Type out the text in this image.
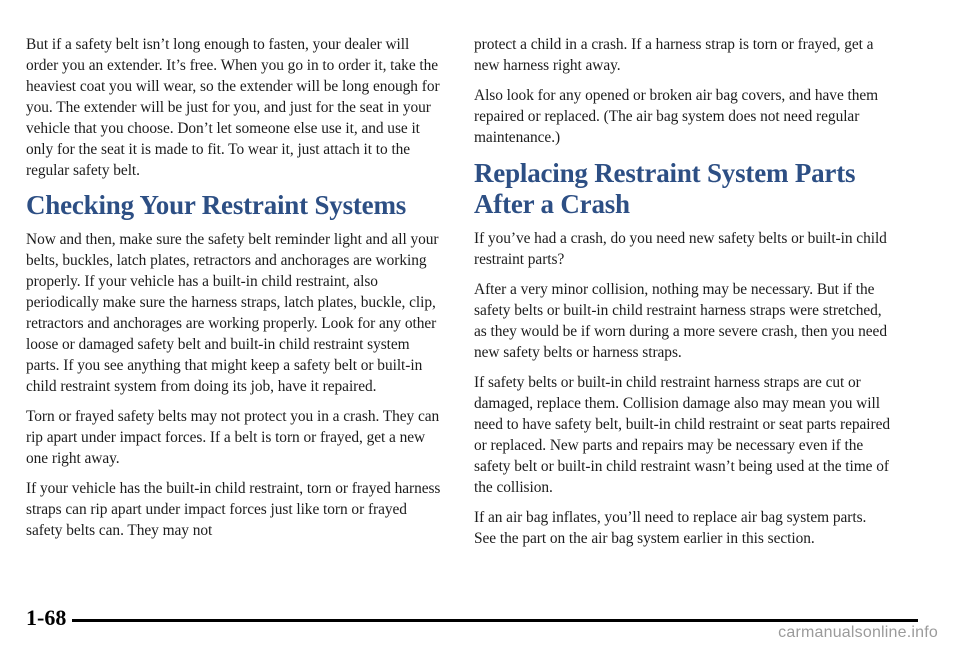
But if a safety belt isn’t long enough to fasten, your dealer will order you an extender. It’s free. When you go in to order it, take the heaviest coat you will wear, so the extender will be long enough for you. The extender will be just for you, and just for the seat in your vehicle that you choose. Don’t let someone else use it, and use it only for the seat it is made to fit. To wear it, just attach it to the regular safety belt.

Checking Your Restraint Systems

Now and then, make sure the safety belt reminder light and all your belts, buckles, latch plates, retractors and anchorages are working properly. If your vehicle has a built-in child restraint, also periodically make sure the harness straps, latch plates, buckle, clip, retractors and anchorages are working properly. Look for any other loose or damaged safety belt and built-in child restraint system parts. If you see anything that might keep a safety belt or built-in child restraint system from doing its job, have it repaired.

Torn or frayed safety belts may not protect you in a crash. They can rip apart under impact forces. If a belt is torn or frayed, get a new one right away.

If your vehicle has the built-in child restraint, torn or frayed harness straps can rip apart under impact forces just like torn or frayed safety belts can. They may not

protect a child in a crash. If a harness strap is torn or frayed, get a new harness right away.

Also look for any opened or broken air bag covers, and have them repaired or replaced. (The air bag system does not need regular maintenance.)

Replacing Restraint System Parts After a Crash

If you’ve had a crash, do you need new safety belts or built-in child restraint parts?

After a very minor collision, nothing may be necessary. But if the safety belts or built-in child restraint harness straps were stretched, as they would be if worn during a more severe crash, then you need new safety belts or harness straps.

If safety belts or built-in child restraint harness straps are cut or damaged, replace them. Collision damage also may mean you will need to have safety belt, built-in child restraint or seat parts repaired or replaced. New parts and repairs may be necessary even if the safety belt or built-in child restraint wasn’t being used at the time of the collision.

If an air bag inflates, you’ll need to replace air bag system parts. See the part on the air bag system earlier in this section.

1-68
carmanualsonline.info
